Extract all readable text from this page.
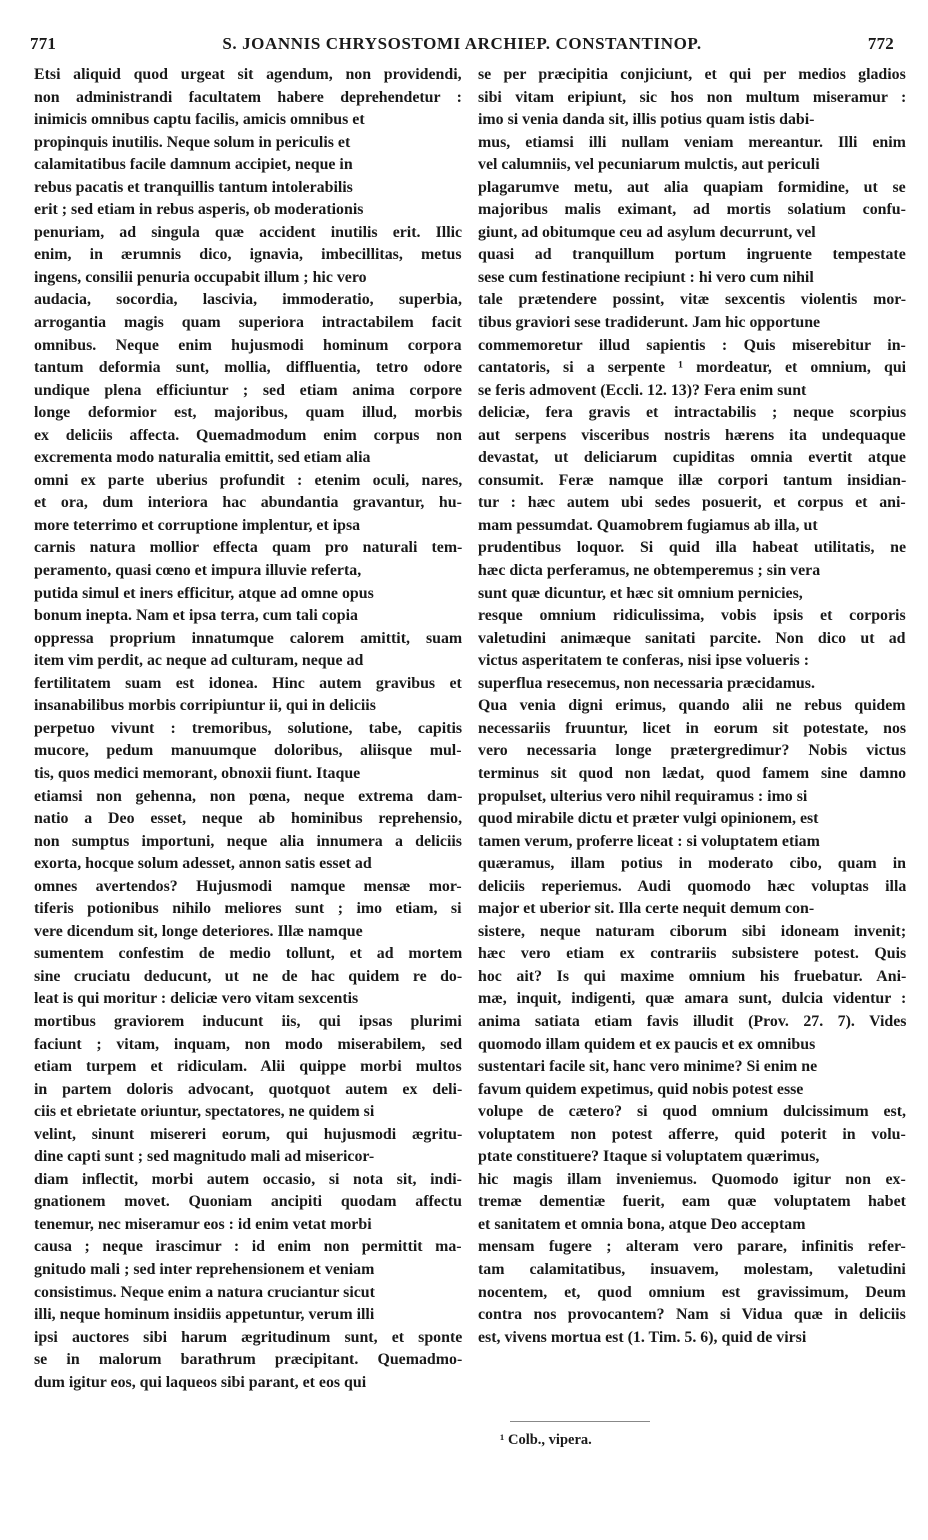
771	S. JOANNIS CHRYSOSTOMI ARCHIEP. CONSTANTINOP.	772
Etsi aliquid quod urgeat sit agendum, non providendi,
non administrandi facultatem habere deprehendetur :
inimicis omnibus captu facilis, amicis omnibus et
propinquis inutilis. Neque solum in periculis et
calamitatibus facile damnum accipiet, neque in
rebus pacatis et tranquillis tantum intolerabilis
erit ; sed etiam in rebus asperis, ob moderationis
penuriam, ad singula quæ accident inutilis erit. Illic
enim, in ærumnis dico, ignavia, imbecillitas, metus
ingens, consilii penuria occupabit illum ; hic vero
audacia, socordia, lascivia, immoderatio, superbia,
arrogantia magis quam superiora intractabilem facit
omnibus. Neque enim hujusmodi hominum corpora
tantum deformia sunt, mollia, diffluentia, tetro odore
undique plena efficiuntur ; sed etiam anima corpore
longe deformior est, majoribus, quam illud, morbis
ex deliciis affecta. Quemadmodum enim corpus non
excrementa modo naturalia emittit, sed etiam alia
omni ex parte uberius profundit : etenim oculi, nares,
et ora, dum interiora hac abundantia gravantur, hu-
more teterrimo et corruptione implentur, et ipsa
carnis natura mollior effecta quam pro naturali tem-
peramento, quasi cœno et impura illuvie referta,
putida simul et iners efficitur, atque ad omne opus
bonum inepta. Nam et ipsa terra, cum tali copia
oppressa proprium innatumque calorem amittit, suam
item vim perdit, ac neque ad culturam, neque ad
fertilitatem suam est idonea. Hinc autem gravibus et
insanabilibus morbis corripiuntur ii, qui in deliciis
perpetuo vivunt : tremoribus, solutione, tabe, capitis
mucore, pedum manuumque doloribus, aliisque mul-
tis, quos medici memorant, obnoxii fiunt. Itaque
etiamsi non gehenna, non pœna, neque extrema dam-
natio a Deo esset, neque ab hominibus reprehensio,
non sumptus importuni, neque alia innumera a deliciis
exorta, hocque solum adesset, annon satis esset ad
omnes avertendos? Hujusmodi namque mensæ mor-
tiferis potionibus nihilo meliores sunt ; imo etiam, si
vere dicendum sit, longe deteriores. Illæ namque
sumentem confestim de medio tollunt, et ad mortem
sine cruciatu deducunt, ut ne de hac quidem re do-
leat is qui moritur : deliciæ vero vitam sexcentis
mortibus graviorem inducunt iis, qui ipsas plurimi
faciunt ; vitam, inquam, non modo miserabilem, sed
etiam turpem et ridiculam. Alii quippe morbi multos
in partem doloris advocant, quotquot autem ex deli-
ciis et ebrietate oriuntur, spectatores, ne quidem si
velint, sinunt misereri eorum, qui hujusmodi ægritu-
dine capti sunt ; sed magnitudo mali ad misericor-
diam inflectit, morbi autem occasio, si nota sit, indi-
gnationem movet. Quoniam ancipiti quodam affectu
tenemur, nec miseramur eos : id enim vetat morbi
causa ; neque irascimur : id enim non permittit ma-
gnitudo mali ; sed inter reprehensionem et veniam
consistimus. Neque enim a natura cruciantur sicut
illi, neque hominum insidiis appetuntur, verum illi
ipsi auctores sibi harum ægritudinum sunt, et sponte
se in malorum barathrum præcipitant. Quemadmo-
dum igitur eos, qui laqueos sibi parant, et eos qui
se per præcipitia conjiciunt, et qui per medios gladios
sibi vitam eripiunt, sic hos non multum miseramur :
imo si venia danda sit, illis potius quam istis dabi-
mus, etiamsi illi nullam veniam mereantur. Illi enim
vel calumniis, vel pecuniarum mulctis, aut periculi
plagarumve metu, aut alia quapiam formidine, ut se
majoribus malis eximant, ad mortis solatium confu-
giunt, ad obitumque ceu ad asylum decurrunt, vel
quasi ad tranquillum portum ingruente tempestate
sese cum festinatione recipiunt : hi vero cum nihil
tale prætendere possint, vitæ sexcentis violentis mor-
tibus graviori sese tradiderunt. Jam hic opportune
commemoretur illud sapientis : Quis miserebitur in-
cantatoris, si a serpente ¹ mordeatur, et omnium, qui
se feris admovent (Eccli. 12. 13)? Fera enim sunt
deliciæ, fera gravis et intractabilis ; neque scorpius
aut serpens visceribus nostris hærens ita undequaque
devastat, ut deliciarum cupiditas omnia evertit atque
consumit. Feræ namque illæ corpori tantum insidian-
tur : hæc autem ubi sedes posuerit, et corpus et ani-
mam pessumdat. Quamobrem fugiamus ab illa, ut
prudentibus loquor. Si quid illa habeat utilitatis, ne
hæc dicta perferamus, ne obtemperemus ; sin vera
sunt quæ dicuntur, et hæc sit omnium pernicies,
resque omnium ridiculissima, vobis ipsis et corporis
valetudini animæque sanitati parcite. Non dico ut ad
victus asperitatem te conferas, nisi ipse volueris :
superflua resecemus, non necessaria præcidamus.
Qua venia digni erimus, quando alii ne rebus quidem
necessariis fruuntur, licet in eorum sit potestate, nos
vero necessaria longe prætergredimur? Nobis victus
terminus sit quod non lædat, quod famem sine damno
propulset, ulterius vero nihil requiramus : imo si
quod mirabile dictu et præter vulgi opinionem, est
tamen verum, proferre liceat : si voluptatem etiam
quæramus, illam potius in moderato cibo, quam in
deliciis reperiemus. Audi quomodo hæc voluptas illa
major et uberior sit. Illa certe nequit demum con-
sistere, neque naturam ciborum sibi idoneam invenit;
hæc vero etiam ex contrariis subsistere potest. Quis
hoc ait? Is qui maxime omnium his fruebatur. Ani-
mæ, inquit, indigenti, quæ amara sunt, dulcia videntur :
anima satiata etiam favis illudit (Prov. 27. 7). Vides
quomodo illam quidem et ex paucis et ex omnibus
sustentari facile sit, hanc vero minime? Si enim ne
favum quidem expetimus, quid nobis potest esse
volupe de cætero? si quod omnium dulcissimum est,
voluptatem non potest afferre, quid poterit in volu-
ptate constituere? Itaque si voluptatem quærimus,
hic magis illam inveniemus. Quomodo igitur non ex-
tremæ dementiæ fuerit, eam quæ voluptatem habet
et sanitatem et omnia bona, atque Deo acceptam
mensam fugere ; alteram vero parare, infinitis refer-
tam calamitatibus, insuavem, molestam, valetudini
nocentem, et, quod omnium est gravissimum, Deum
contra nos provocantem? Nam si Vidua quæ in deliciis
est, vivens mortua est (1. Tim. 5. 6), quid de virsi
¹ Colb., vipera.
